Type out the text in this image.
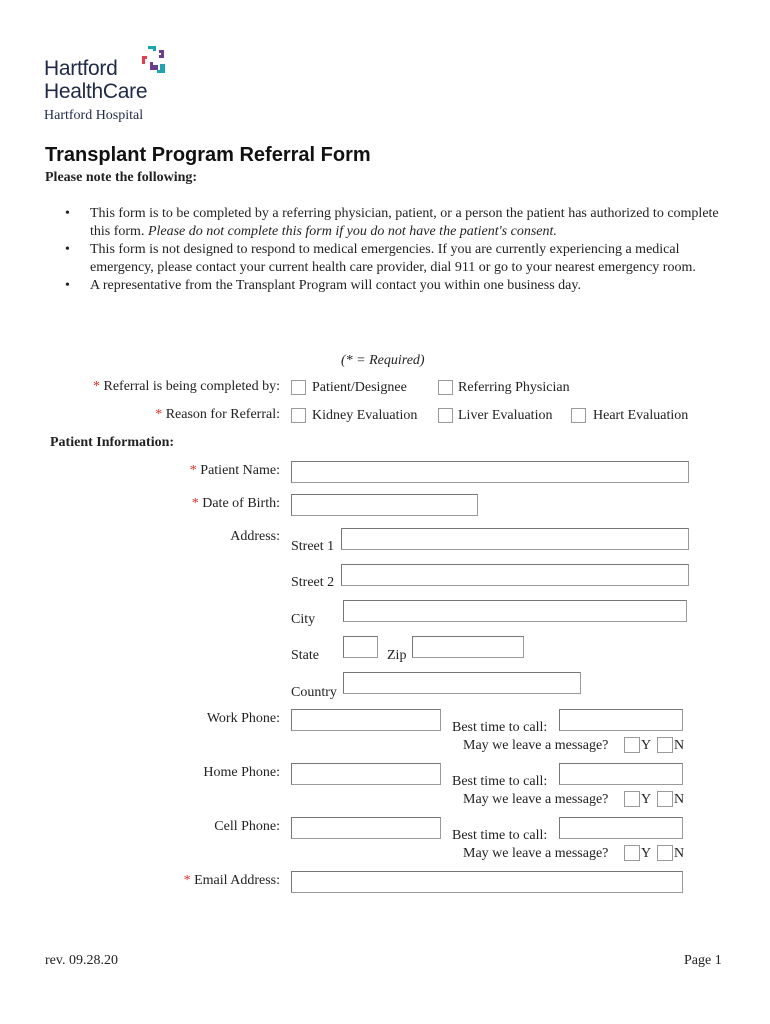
Hartford
HealthCare
Hartford Hospital
Transplant Program Referral Form
Please note the following:
• This form is to be completed by a referring physician, patient, or a person the patient has authorized to complete this form. Please do not complete this form if you do not have the patient's consent.
• This form is not designed to respond to medical emergencies. If you are currently experiencing a medical emergency, please contact your current health care provider, dial 911 or go to your nearest emergency room.
• A representative from the Transplant Program will contact you within one business day.
(* = Required)
* Referral is being completed by: Patient/Designee	Referring Physician
* Reason for Referral: Kidney Evaluation	Liver Evaluation	Heart Evaluation
Patient Information:
* Patient Name:
* Date of Birth:
Address:
Street 1
Street 2
City
State	Zip
Country
Work Phone:
Best time to call:
May we leave a message? Y N
Home Phone:
Best time to call:
May we leave a message? Y N
Cell Phone:
Best time to call:
May we leave a message? Y N
* Email Address:
rev. 09.28.20	Page 1
